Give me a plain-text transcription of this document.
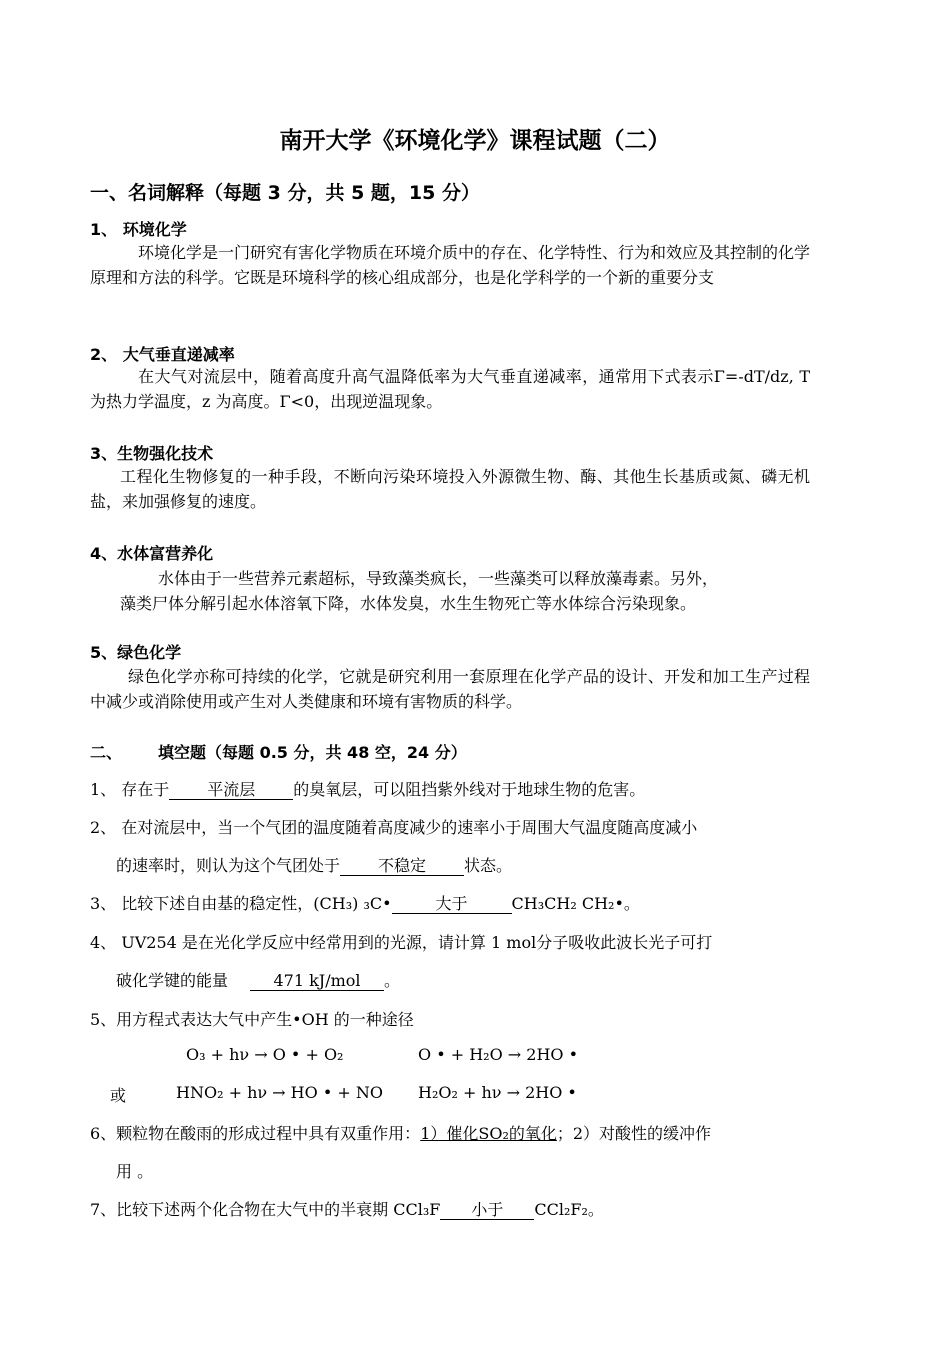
南开大学《环境化学》课程试题（二）
一、名词解释（每题 3 分，共 5 题，15 分）
1、 环境化学
环境化学是一门研究有害化学物质在环境介质中的存在、化学特性、行为和效应及其控制的化学原理和方法的科学。它既是环境科学的核心组成部分，也是化学科学的一个新的重要分支
2、 大气垂直递减率
在大气对流层中，随着高度升高气温降低率为大气垂直递减率，通常用下式表示Γ=-dT/dz, T 为热力学温度，z 为高度。Γ<0，出现逆温现象。
3、生物强化技术
工程化生物修复的一种手段，不断向污染环境投入外源微生物、酶、其他生长基质或氮、磷无机盐，来加强修复的速度。
4、水体富营养化
水体由于一些营养元素超标，导致藻类疯长，一些藻类可以释放藻毒素。另外，
藻类尸体分解引起水体溶氧下降，水体发臭，水生生物死亡等水体综合污染现象。
5、绿色化学
绿色化学亦称可持续的化学，它就是研究利用一套原理在化学产品的设计、开发和加工生产过程中减少或消除使用或产生对人类健康和环境有害物质的科学。
二、 填空题（每题 0.5 分，共 48 空，24 分）
1、 存在于 平流层 的臭氧层，可以阻挡紫外线对于地球生物的危害。
2、 在对流层中，当一个气团的温度随着高度减少的速率小于周围大气温度随高度减小
的速率时，则认为这个气团处于 不稳定 状态。
3、 比较下述自由基的稳定性，(CH₃) ₃C•	大于	CH₃CH₂ CH₂•。
4、 UV254 是在光化学反应中经常用到的光源，请计算 1 mol分子吸收此波长光子可打
破化学键的能量	471 kJ/mol 。
5、用方程式表达大气中产生•OH 的一种途径
O₃ + hν → O • + O₂	O • + H₂O → 2HO •
或	HNO₂ + hν → HO • + NO H₂O₂ + hν → 2HO •
6、颗粒物在酸雨的形成过程中具有双重作用：1）催化SO₂的氧化；2）对酸性的缓冲作
用 。
7、比较下述两个化合物在大气中的半衰期 CCl₃F 小于 CCl₂F₂。
